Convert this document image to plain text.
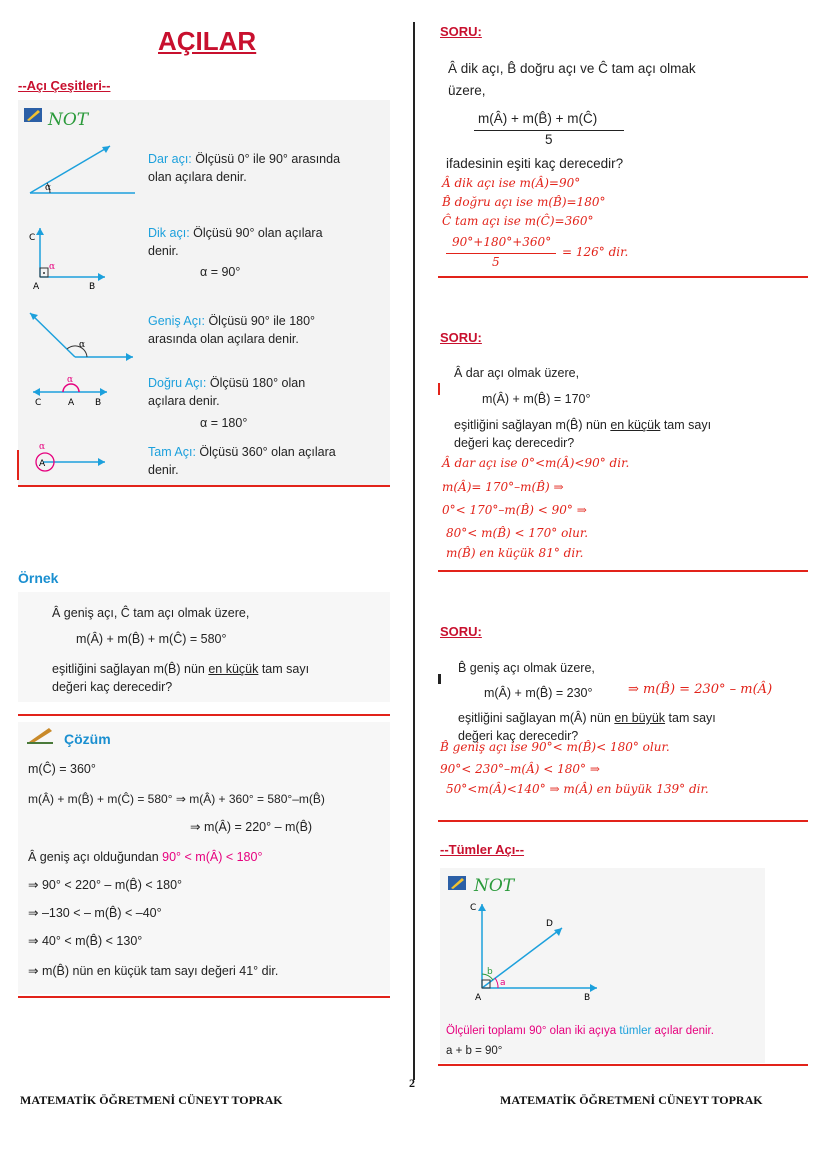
AÇILAR
--Açı Çeşitleri--
NOT
α
Dar açı: Ölçüsü 0° ile 90° arasında olan açılara denir.
α
C
A	B
Dik açı: Ölçüsü 90° olan açılara denir.
α = 90°
α
Geniş Açı: Ölçüsü 90° ile 180° arasında olan açılara denir.
α
C	A B
Doğru Açı: Ölçüsü 180° olan açılara denir.
α = 180°
α
A
Tam Açı: Ölçüsü 360° olan açılara denir.
Örnek
Â geniş açı, Ĉ tam açı olmak üzere,
m(Â) + m(B̂) + m(Ĉ) = 580°
eşitliğini sağlayan m(B̂) nün en küçük tam sayı
değeri kaç derecedir?
Çözüm
m(Ĉ) = 360°
m(Â) + m(B̂) + m(Ĉ) = 580° ⇒ m(Â) + 360° = 580°–m(B̂)
⇒ m(Â) = 220° – m(B̂)
Â geniş açı olduğundan 90° < m(Â) < 180°
⇒ 90° < 220° – m(B̂) < 180°
⇒ –130 < – m(B̂) < –40°
⇒ 40° < m(B̂) < 130°
⇒ m(B̂) nün en küçük tam sayı değeri 41° dir.
SORU:
Â dik açı, B̂ doğru açı ve Ĉ tam açı olmak
üzere,
m(Â) + m(B̂) + m(Ĉ)
5
ifadesinin eşiti kaç derecedir?
Â dik açı ise m(Â)=90°
B̂ doğru açı ise m(B̂)=180°
Ĉ tam açı ise m(Ĉ)=360°
90°+180°+360°
5
= 126° dir.
SORU:
Â dar açı olmak üzere,
m(Â) + m(B̂) = 170°
eşitliğini sağlayan m(B̂) nün en küçük tam sayı
değeri kaç derecedir?
Â dar açı ise 0°<m(Â)<90° dir.
m(Â)= 170°–m(B̂) ⇒
0°< 170°–m(B̂) < 90° ⇒
80°< m(B̂) < 170° olur.
m(B̂) en küçük 81° dir.
SORU:
B̂ geniş açı olmak üzere,
m(Â) + m(B̂) = 230°	⇒ m(B̂) = 230° – m(Â)
eşitliğini sağlayan m(Â) nün en büyük tam sayı
değeri kaç derecedir?
B̂ geniş açı ise 90°< m(B̂)< 180° olur.
90°< 230°–m(Â) < 180° ⇒
50°<m(Â)<140° ⇒ m(Â) en büyük 139° dir.
--Tümler Açı--
NOT
C
D
A	B
a
b
Ölçüleri toplamı 90° olan iki açıya tümler açılar denir.
a + b = 90°
2
MATEMATİK ÖĞRETMENİ CÜNEYT TOPRAK	MATEMATİK ÖĞRETMENİ CÜNEYT TOPRAK
